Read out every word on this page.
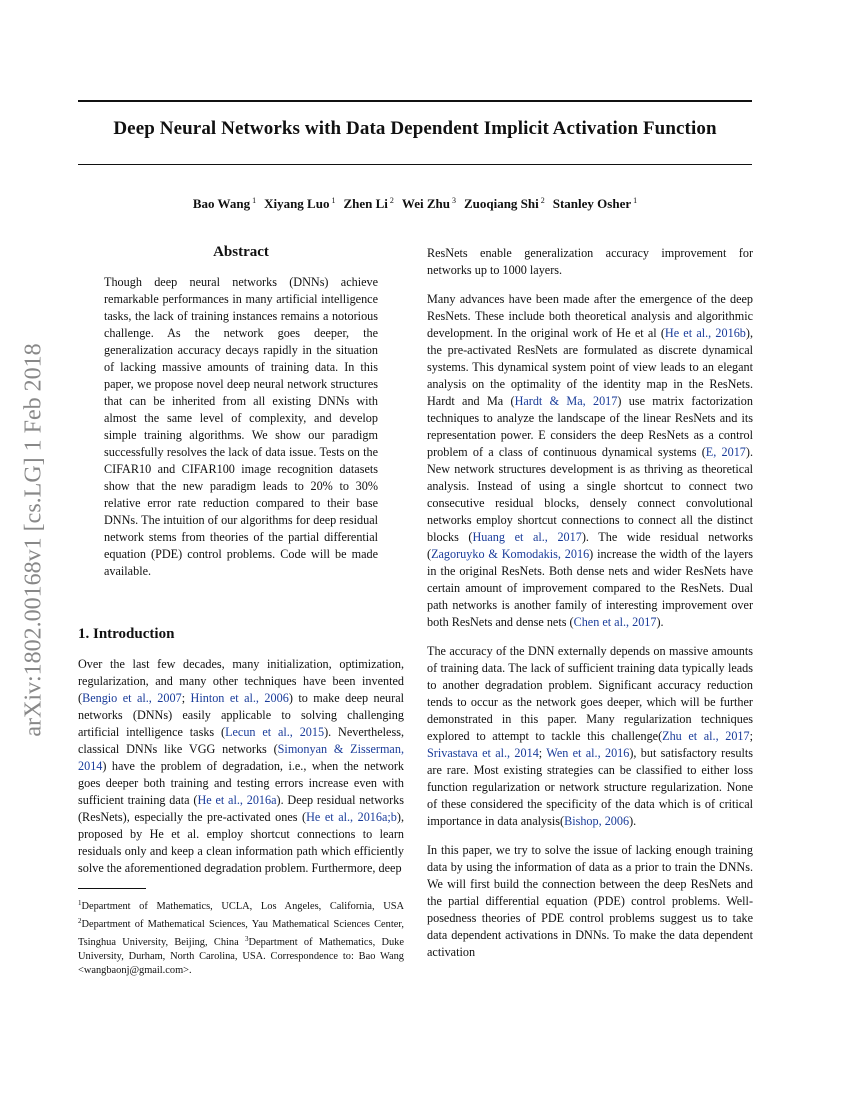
Deep Neural Networks with Data Dependent Implicit Activation Function
Bao Wang $^1$ Xiyang Luo $^1$ Zhen Li $^2$ Wei Zhu $^3$ Zuoqiang Shi $^2$ Stanley Osher $^1$
arXiv:1802.00168v1 [cs.LG] 1 Feb 2018
Abstract
Though deep neural networks (DNNs) achieve remarkable performances in many artificial intelligence tasks, the lack of training instances remains a notorious challenge. As the network goes deeper, the generalization accuracy decays rapidly in the situation of lacking massive amounts of training data. In this paper, we propose novel deep neural network structures that can be inherited from all existing DNNs with almost the same level of complexity, and develop simple training algorithms. We show our paradigm successfully resolves the lack of data issue. Tests on the CIFAR10 and CIFAR100 image recognition datasets show that the new paradigm leads to 20% to 30% relative error rate reduction compared to their base DNNs. The intuition of our algorithms for deep residual network stems from theories of the partial differential equation (PDE) control problems. Code will be made available.
1. Introduction

Over the last few decades, many initialization, optimization, regularization, and many other techniques have been invented (Bengio et al., 2007; Hinton et al., 2006) to make deep neural networks (DNNs) easily applicable to solving challenging artificial intelligence tasks (Lecun et al., 2015). Nevertheless, classical DNNs like VGG networks (Simonyan & Zisserman, 2014) have the problem of degradation, i.e., when the network goes deeper both training and testing errors increase even with sufficient training data (He et al., 2016a). Deep residual networks (ResNets), especially the pre-activated ones (He et al., 2016a;b), proposed by He et al. employ shortcut connections to learn residuals only and keep a clean information path which efficiently solve the aforementioned degradation problem. Furthermore, deep

$^1$Department of Mathematics, UCLA, Los Angeles, California, USA $^2$Department of Mathematical Sciences, Yau Mathematical Sciences Center, Tsinghua University, Beijing, China $^3$Department of Mathematics, Duke University, Durham, North Carolina, USA. Correspondence to: Bao Wang <wangbaonj@gmail.com>.

ResNets enable generalization accuracy improvement for networks up to 1000 layers.

Many advances have been made after the emergence of the deep ResNets. These include both theoretical analysis and algorithmic development. In the original work of He et al (He et al., 2016b), the pre-activated ResNets are formulated as discrete dynamical systems. This dynamical system point of view leads to an elegant analysis on the optimality of the identity map in the ResNets. Hardt and Ma (Hardt & Ma, 2017) use matrix factorization techniques to analyze the landscape of the linear ResNets and its representation power. E considers the deep ResNets as a control problem of a class of continuous dynamical systems (E, 2017). New network structures development is as thriving as theoretical analysis. Instead of using a single shortcut to connect two consecutive residual blocks, densely connect convolutional networks employ shortcut connections to connect all the distinct blocks (Huang et al., 2017). The wide residual networks (Zagoruyko & Komodakis, 2016) increase the width of the layers in the original ResNets. Both dense nets and wider ResNets have certain amount of improvement compared to the ResNets. Dual path networks is another family of interesting improvement over both ResNets and dense nets (Chen et al., 2017).

The accuracy of the DNN externally depends on massive amounts of training data. The lack of sufficient training data typically leads to another degradation problem. Significant accuracy reduction tends to occur as the network goes deeper, which will be further demonstrated in this paper. Many regularization techniques explored to attempt to tackle this challenge(Zhu et al., 2017; Srivastava et al., 2014; Wen et al., 2016), but satisfactory results are rare. Most existing strategies can be classified to either loss function regularization or network structure regularization. None of these considered the specificity of the data which is of critical importance in data analysis(Bishop, 2006).

In this paper, we try to solve the issue of lacking enough training data by using the information of data as a prior to train the DNNs. We will first build the connection between the deep ResNets and the partial differential equation (PDE) control problems. Well-posedness theories of PDE control problems suggest us to take data dependent activations in DNNs. To make the data dependent activation
